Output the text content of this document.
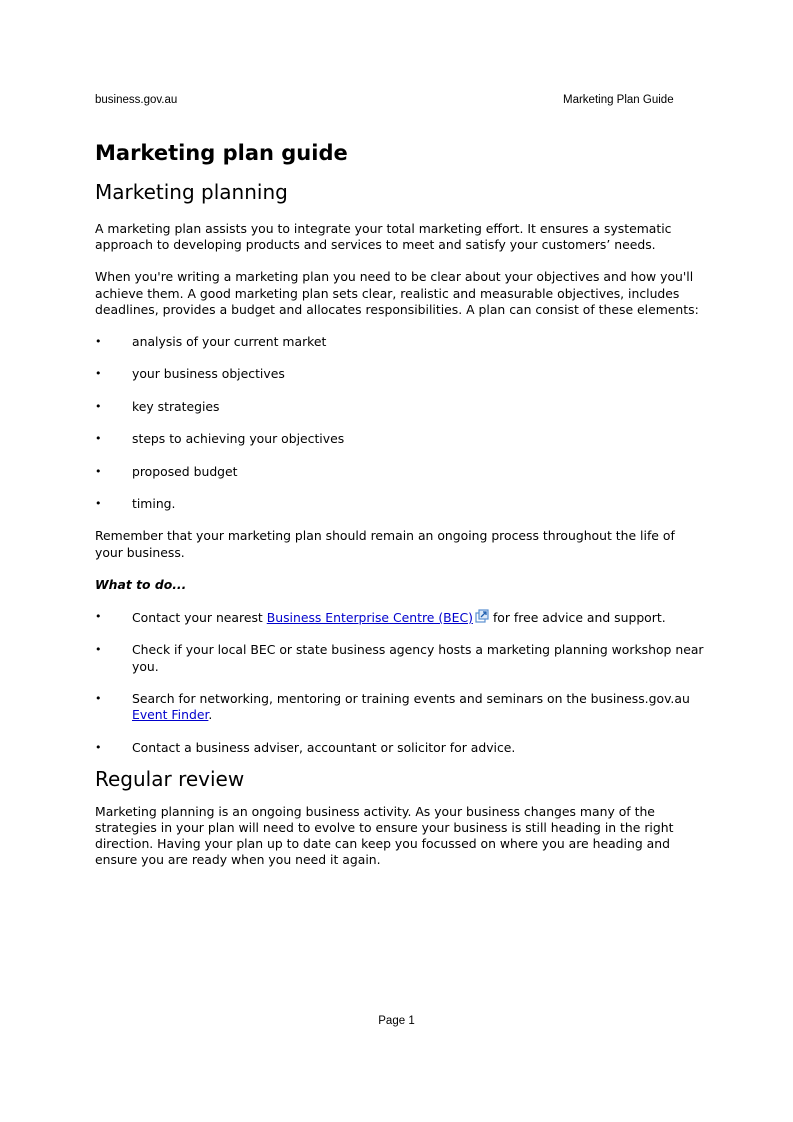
business.gov.au	Marketing Plan Guide
Marketing plan guide
Marketing planning

A marketing plan assists you to integrate your total marketing effort. It ensures a systematic approach to developing products and services to meet and satisfy your customers’ needs.

When you're writing a marketing plan you need to be clear about your objectives and how you'll achieve them. A good marketing plan sets clear, realistic and measurable objectives, includes deadlines, provides a budget and allocates responsibilities. A plan can consist of these elements:

• analysis of your current market
• your business objectives
• key strategies
• steps to achieving your objectives
• proposed budget
• timing.

Remember that your marketing plan should remain an ongoing process throughout the life of your business.

What to do...

• Contact your nearest Business Enterprise Centre (BEC) for free advice and support.
• Check if your local BEC or state business agency hosts a marketing planning workshop near you.
• Search for networking, mentoring or training events and seminars on the business.gov.au Event Finder.
• Contact a business adviser, accountant or solicitor for advice.
Regular review

Marketing planning is an ongoing business activity. As your business changes many of the strategies in your plan will need to evolve to ensure your business is still heading in the right direction. Having your plan up to date can keep you focussed on where you are heading and ensure you are ready when you need it again.

Page 1
